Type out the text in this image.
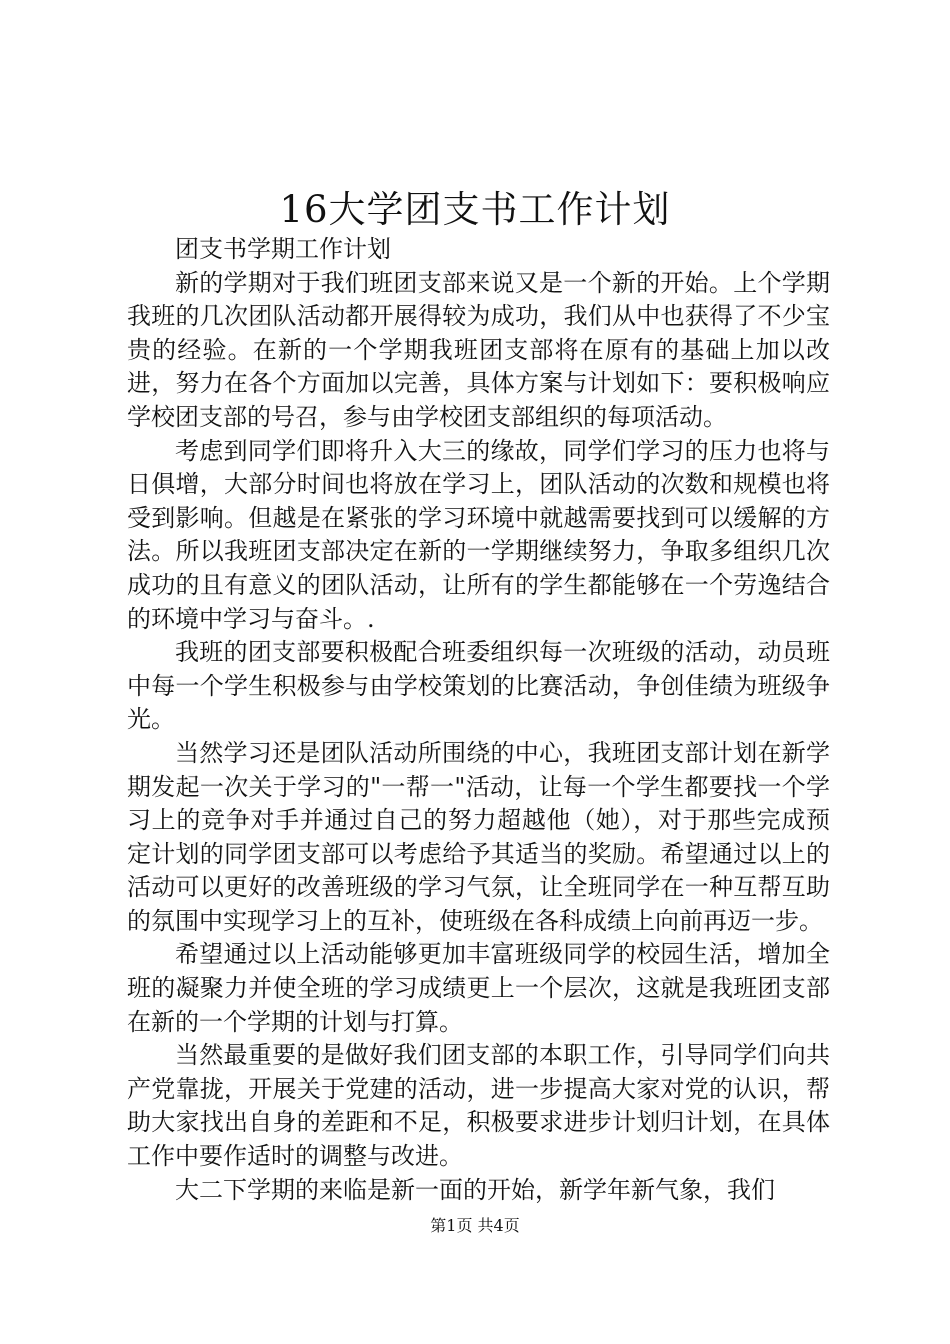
16大学团支书工作计划

团支书学期工作计划

新的学期对于我们班团支部来说又是一个新的开始。上个学期我班的几次团队活动都开展得较为成功，我们从中也获得了不少宝贵的经验。在新的一个学期我班团支部将在原有的基础上加以改进，努力在各个方面加以完善，具体方案与计划如下：要积极响应学校团支部的号召，参与由学校团支部组织的每项活动。

考虑到同学们即将升入大三的缘故，同学们学习的压力也将与日俱增，大部分时间也将放在学习上，团队活动的次数和规模也将受到影响。但越是在紧张的学习环境中就越需要找到可以缓解的方法。所以我班团支部决定在新的一学期继续努力，争取多组织几次成功的且有意义的团队活动，让所有的学生都能够在一个劳逸结合的环境中学习与奋斗。.

我班的团支部要积极配合班委组织每一次班级的活动，动员班中每一个学生积极参与由学校策划的比赛活动，争创佳绩为班级争光。

当然学习还是团队活动所围绕的中心，我班团支部计划在新学期发起一次关于学习的"一帮一"活动，让每一个学生都要找一个学习上的竞争对手并通过自己的努力超越他（她），对于那些完成预定计划的同学团支部可以考虑给予其适当的奖励。希望通过以上的活动可以更好的改善班级的学习气氛，让全班同学在一种互帮互助的氛围中实现学习上的互补，使班级在各科成绩上向前再迈一步。

希望通过以上活动能够更加丰富班级同学的校园生活，增加全班的凝聚力并使全班的学习成绩更上一个层次，这就是我班团支部在新的一个学期的计划与打算。

当然最重要的是做好我们团支部的本职工作，引导同学们向共产党靠拢，开展关于党建的活动，进一步提高大家对党的认识，帮助大家找出自身的差距和不足，积极要求进步计划归计划，在具体工作中要作适时的调整与改进。

大二下学期的来临是新一面的开始，新学年新气象，我们

第1页 共4页
